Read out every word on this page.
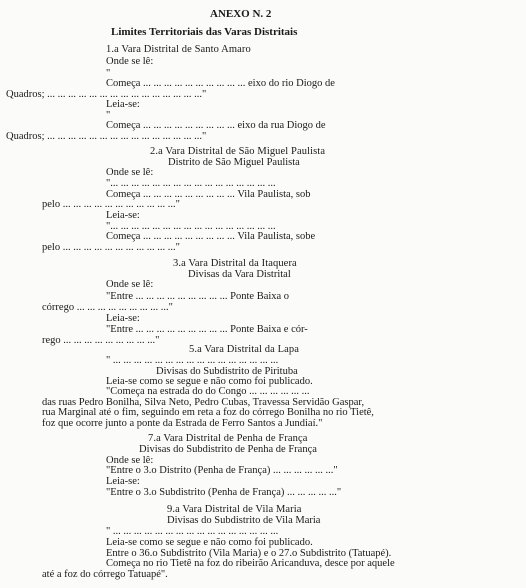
ANEXO N. 2
Limites Territoriais das Varas Distritais
1.a Vara Distrital de Santo Amaro
Onde se lê:
"
Começa ... ... ... ... ... ... ... ... ... ... eixo do rio Diogo de
Quadros; ... ... ... ... ... ... ... ... ... ... ... ... ... ... ..."
Leia-se:
"
Começa ... ... ... ... ... ... ... ... ... eixo da rua Diogo de
Quadros; ... ... ... ... ... ... ... ... ... ... ... ... ... ... ..."
2.a Vara Distrital de São Miguel Paulista
Distrito de São Miguel Paulista
Onde se lê:
"... ... ... ... ... ... ... ... ... ... ... ... ... ... ... ...
Começa ... ... ... ... ... ... ... ... ... Vila Paulista, sob
pelo ... ... ... ... ... ... ... ... ... ... ..."
Leia-se:
"... ... ... ... ... ... ... ... ... ... ... ... ... ... ... ...
Começa ... ... ... ... ... ... ... ... ... Vila Paulista, sobe
pelo ... ... ... ... ... ... ... ... ... ... ..."
3.a Vara Distrital da Itaquera
Divisas da Vara Distrital
Onde se lê:
"Entre ... ... ... ... ... ... ... ... ... Ponte Baixa o
córrego ... ... ... ... ... ... ... ... ..."
Leia-se:
"Entre ... ... ... ... ... ... ... ... ... Ponte Baixa e cór-
rego ... ... ... ... ... ... ... ... ..."
5.a Vara Distrital da Lapa
" ... ... ... ... ... ... ... ... ... ... ... ... ... ... ... ...
Divisas do Subdistrito de Pirituba
Leia-se como se segue e não como foi publicado.
"Começa na estrada do do Congo ... ... ... ... ... ...
das ruas Pedro Bonilha, Silva Neto, Pedro Cubas, Travessa Servidão Gaspar,
rua Marginal até o fim, seguindo em reta a foz do córrego Bonilha no rio Tietê,
foz que ocorre junto a ponte da Estrada de Ferro Santos a Jundiaí."
7.a Vara Distrital de Penha de França
Divisas do Subdistrito de Penha de França
Onde se lê:
"Entre o 3.o Distrito (Penha de França) ... ... ... ... ... ..."
Leia-se:
"Entre o 3.o Subdistrito (Penha de França) ... ... ... ... ..."
9.a Vara Distrital de Vila Maria
Divisas do Subdistrito de Vila Maria
" ... ... ... ... ... ... ... ... ... ... ... ... ... ... ... ...
Leia-se como se segue e não como foi publicado.
Entre o 36.o Subdistrito (Vila Maria) e o 27.o Subdistrito (Tatuapé).
Começa no rio Tietê na foz do ribeirão Aricanduva, desce por aquele
até a foz do córrego Tatuapé".
